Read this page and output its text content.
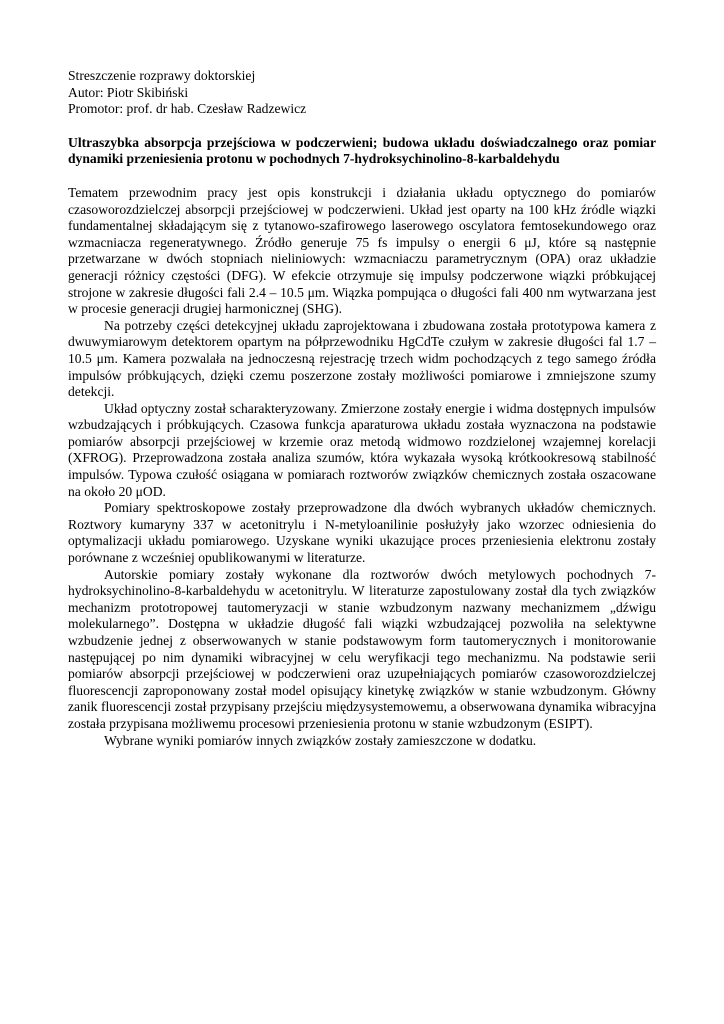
Streszczenie rozprawy doktorskiej

Autor: Piotr Skibiński

Promotor: prof. dr hab. Czesław Radzewicz

Ultraszybka absorpcja przejściowa w podczerwieni; budowa układu doświadczalnego oraz pomiar dynamiki przeniesienia protonu w pochodnych 7-hydroksychinolino-8-karbaldehydu

Tematem przewodnim pracy jest opis konstrukcji i działania układu optycznego do pomiarów czasoworozdzielczej absorpcji przejściowej w podczerwieni. Układ jest oparty na 100 kHz źródle wiązki fundamentalnej składającym się z tytanowo-szafirowego laserowego oscylatora femtosekundowego oraz wzmacniacza regeneratywnego. Źródło generuje 75 fs impulsy o energii 6 μJ, które są następnie przetwarzane w dwóch stopniach nieliniowych: wzmacniaczu parametrycznym (OPA) oraz układzie generacji różnicy częstości (DFG). W efekcie otrzymuje się impulsy podczerwone wiązki próbkującej strojone w zakresie długości fali 2.4 – 10.5 μm. Wiązka pompująca o długości fali 400 nm wytwarzana jest w procesie generacji drugiej harmonicznej (SHG).

Na potrzeby części detekcyjnej układu zaprojektowana i zbudowana została prototypowa kamera z dwuwymiarowym detektorem opartym na półprzewodniku HgCdTe czułym w zakresie długości fal 1.7 – 10.5 μm. Kamera pozwalała na jednoczesną rejestrację trzech widm pochodzących z tego samego źródła impulsów próbkujących, dzięki czemu poszerzone zostały możliwości pomiarowe i zmniejszone szumy detekcji.

Układ optyczny został scharakteryzowany. Zmierzone zostały energie i widma dostępnych impulsów wzbudzających i próbkujących. Czasowa funkcja aparaturowa układu została wyznaczona na podstawie pomiarów absorpcji przejściowej w krzemie oraz metodą widmowo rozdzielonej wzajemnej korelacji (XFROG). Przeprowadzona została analiza szumów, która wykazała wysoką krótkookresową stabilność impulsów. Typowa czułość osiągana w pomiarach roztworów związków chemicznych została oszacowane na około 20 μOD.

Pomiary spektroskopowe zostały przeprowadzone dla dwóch wybranych układów chemicznych. Roztwory kumaryny 337 w acetonitrylu i N-metyloanilinie posłużyły jako wzorzec odniesienia do optymalizacji układu pomiarowego. Uzyskane wyniki ukazujące proces przeniesienia elektronu zostały porównane z wcześniej opublikowanymi w literaturze.

Autorskie pomiary zostały wykonane dla roztworów dwóch metylowych pochodnych 7-hydroksychinolino-8-karbaldehydu w acetonitrylu. W literaturze zapostulowany został dla tych związków mechanizm prototropowej tautomeryzacji w stanie wzbudzonym nazwany mechanizmem „dźwigu molekularnego”. Dostępna w układzie długość fali wiązki wzbudzającej pozwoliła na selektywne wzbudzenie jednej z obserwowanych w stanie podstawowym form tautomerycznych i monitorowanie następującej po nim dynamiki wibracyjnej w celu weryfikacji tego mechanizmu. Na podstawie serii pomiarów absorpcji przejściowej w podczerwieni oraz uzupełniających pomiarów czasoworozdzielczej fluorescencji zaproponowany został model opisujący kinetykę związków w stanie wzbudzonym. Główny zanik fluorescencji został przypisany przejściu międzysystemowemu, a obserwowana dynamika wibracyjna została przypisana możliwemu procesowi przeniesienia protonu w stanie wzbudzonym (ESIPT).

Wybrane wyniki pomiarów innych związków zostały zamieszczone w dodatku.
